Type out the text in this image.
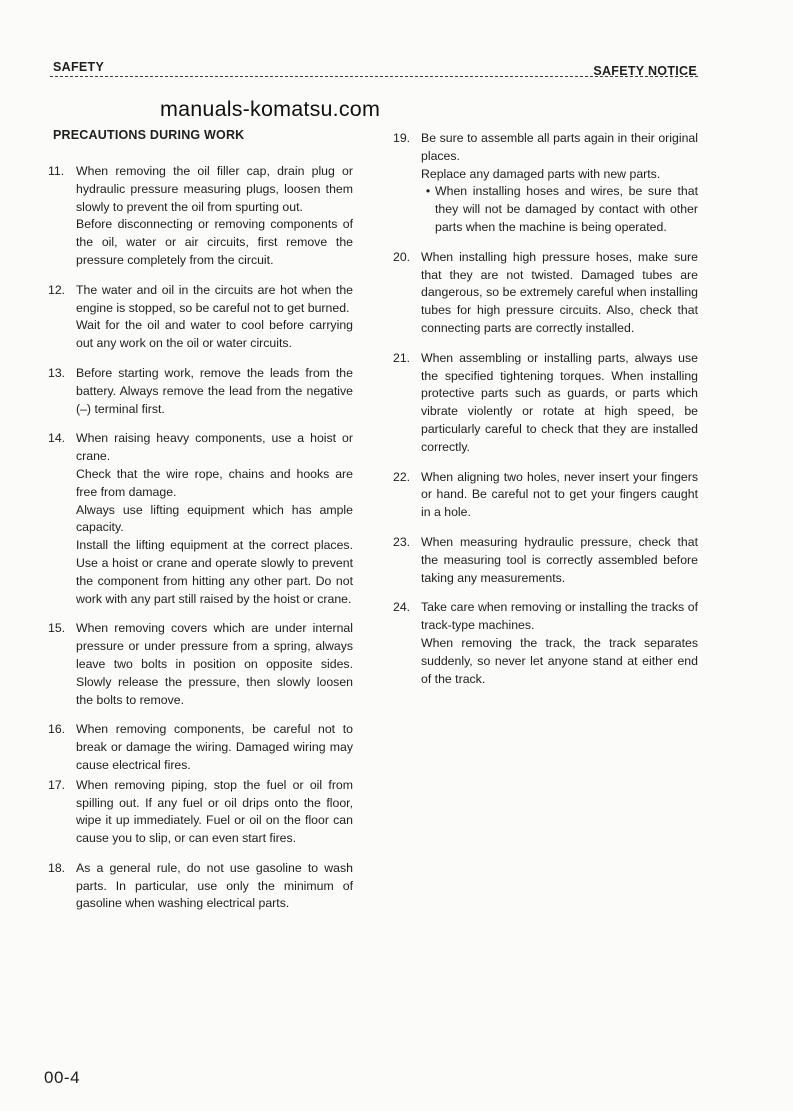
SAFETY	SAFETY NOTICE
manuals-komatsu.com
PRECAUTIONS DURING WORK
11. When removing the oil filler cap, drain plug or hydraulic pressure measuring plugs, loosen them slowly to prevent the oil from spurting out.

Before disconnecting or removing components of the oil, water or air circuits, first remove the pressure completely from the circuit.

12. The water and oil in the circuits are hot when the engine is stopped, so be careful not to get burned.

Wait for the oil and water to cool before carrying out any work on the oil or water circuits.

13. Before starting work, remove the leads from the battery. Always remove the lead from the negative (–) terminal first.

14. When raising heavy components, use a hoist or crane.

Check that the wire rope, chains and hooks are free from damage.

Always use lifting equipment which has ample capacity.

Install the lifting equipment at the correct places. Use a hoist or crane and operate slowly to prevent the component from hitting any other part. Do not work with any part still raised by the hoist or crane.

15. When removing covers which are under internal pressure or under pressure from a spring, always leave two bolts in position on opposite sides. Slowly release the pressure, then slowly loosen the bolts to remove.

16. When removing components, be careful not to break or damage the wiring. Damaged wiring may cause electrical fires.

17. When removing piping, stop the fuel or oil from spilling out. If any fuel or oil drips onto the floor, wipe it up immediately. Fuel or oil on the floor can cause you to slip, or can even start fires.

18. As a general rule, do not use gasoline to wash parts. In particular, use only the minimum of gasoline when washing electrical parts.

19. Be sure to assemble all parts again in their original places.

Replace any damaged parts with new parts.

• When installing hoses and wires, be sure that they will not be damaged by contact with other parts when the machine is being operated.
20. When installing high pressure hoses, make sure that they are not twisted. Damaged tubes are dangerous, so be extremely careful when installing tubes for high pressure circuits. Also, check that connecting parts are correctly installed.

21. When assembling or installing parts, always use the specified tightening torques. When installing protective parts such as guards, or parts which vibrate violently or rotate at high speed, be particularly careful to check that they are installed correctly.

22. When aligning two holes, never insert your fingers or hand. Be careful not to get your fingers caught in a hole.

23. When measuring hydraulic pressure, check that the measuring tool is correctly assembled before taking any measurements.

24. Take care when removing or installing the tracks of track-type machines.

When removing the track, the track separates suddenly, so never let anyone stand at either end of the track.

00-4
